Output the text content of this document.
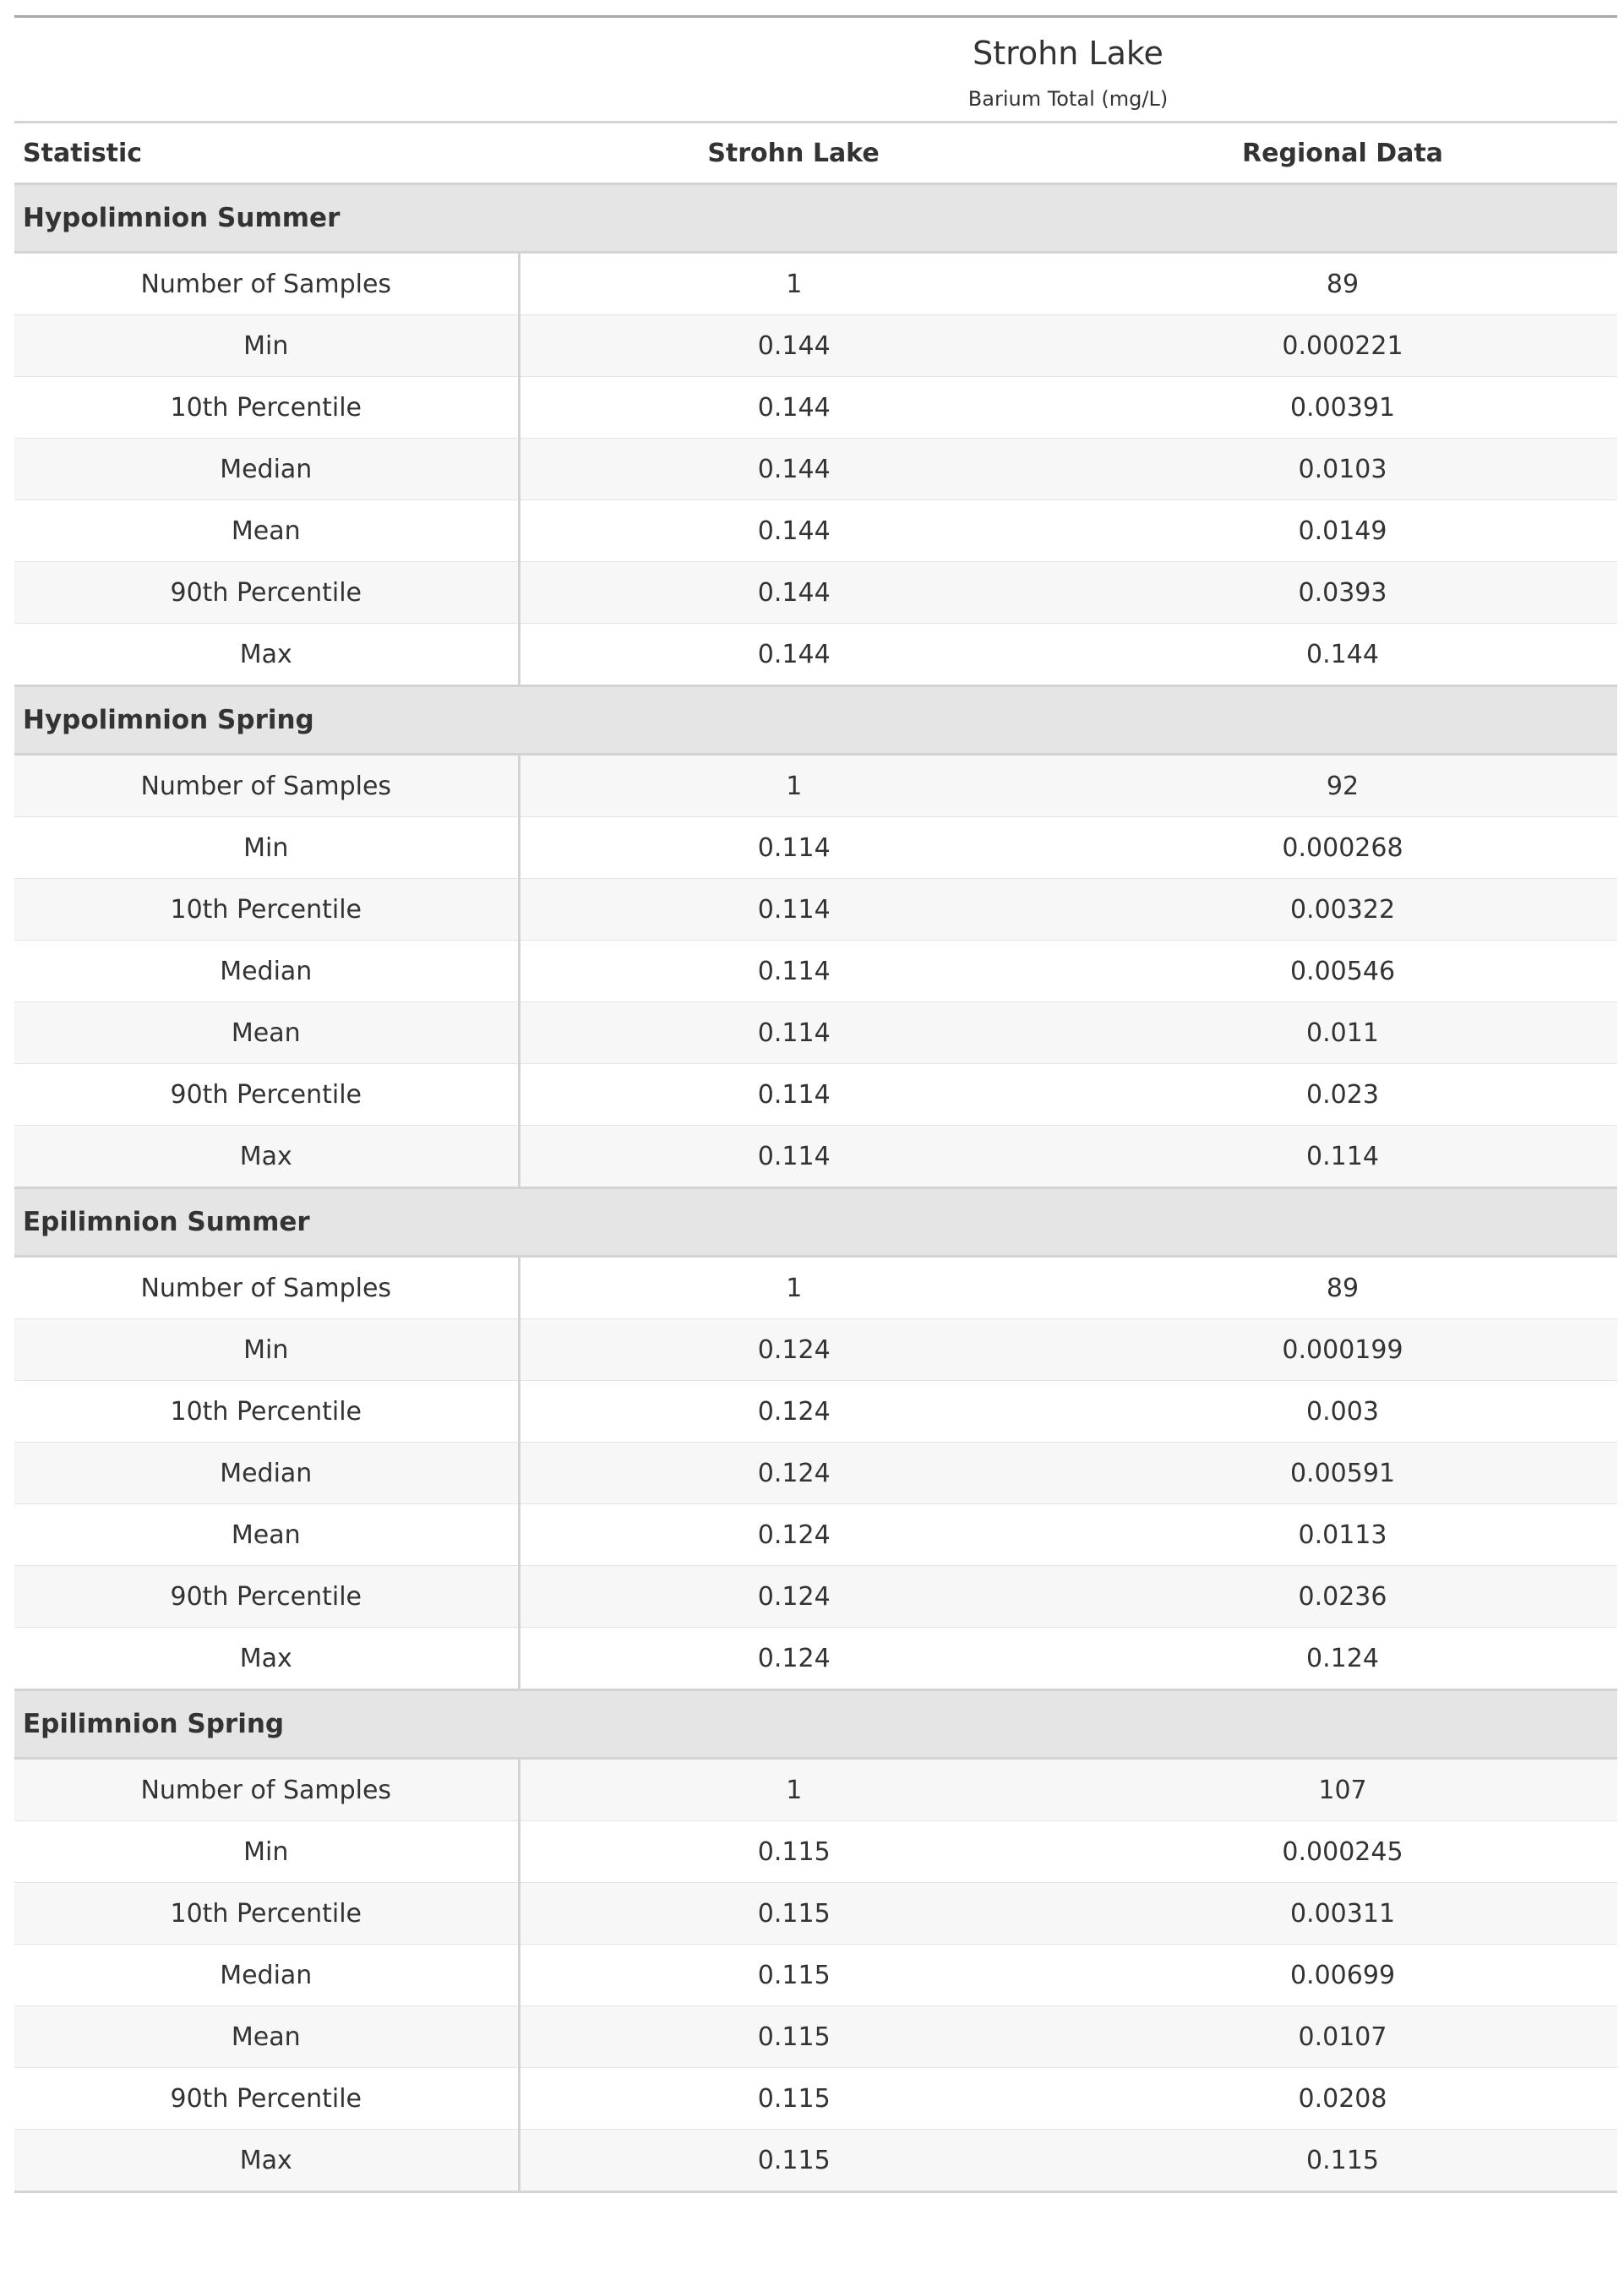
Strohn Lake
Barium Total (mg/L)		

Statistic	Strohn Lake	Regional Data
Hypolimnion Summer		
Number of Samples	1	89
Min	0.144	0.000221
10th Percentile	0.144	0.00391
Median	0.144	0.0103
Mean	0.144	0.0149
90th Percentile	0.144	0.0393
Max	0.144	0.144
Hypolimnion Spring		
Number of Samples	1	92
Min	0.114	0.000268
10th Percentile	0.114	0.00322
Median	0.114	0.00546
Mean	0.114	0.011
90th Percentile	0.114	0.023
Max	0.114	0.114
Epilimnion Summer		
Number of Samples	1	89
Min	0.124	0.000199
10th Percentile	0.124	0.003
Median	0.124	0.00591
Mean	0.124	0.0113
90th Percentile	0.124	0.0236
Max	0.124	0.124
Epilimnion Spring		
Number of Samples	1	107
Min	0.115	0.000245
10th Percentile	0.115	0.00311
Median	0.115	0.00699
Mean	0.115	0.0107
90th Percentile	0.115	0.0208
Max	0.115	0.115
